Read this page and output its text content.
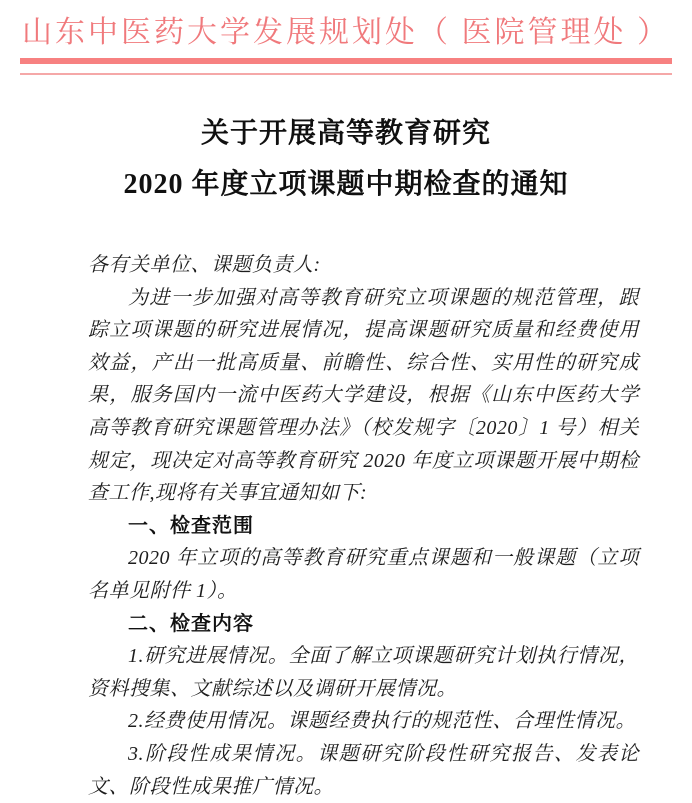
山东中医药大学发展规划处（ 医院管理处 ）
关于开展高等教育研究
2020 年度立项课题中期检查的通知

各有关单位、课题负责人:

为进一步加强对高等教育研究立项课题的规范管理，跟踪立项课题的研究进展情况，提高课题研究质量和经费使用效益，产出一批高质量、前瞻性、综合性、实用性的研究成果，服务国内一流中医药大学建设，根据《山东中医药大学高等教育研究课题管理办法》（校发规字〔2020〕1 号）相关规定，现决定对高等教育研究 2020 年度立项课题开展中期检查工作,现将有关事宜通知如下:

一、检查范围

2020 年立项的高等教育研究重点课题和一般课题（立项名单见附件 1）。

二、检查内容

1.研究进展情况。全面了解立项课题研究计划执行情况，资料搜集、文献综述以及调研开展情况。

2.经费使用情况。课题经费执行的规范性、合理性情况。

3.阶段性成果情况。课题研究阶段性研究报告、发表论文、阶段性成果推广情况。
